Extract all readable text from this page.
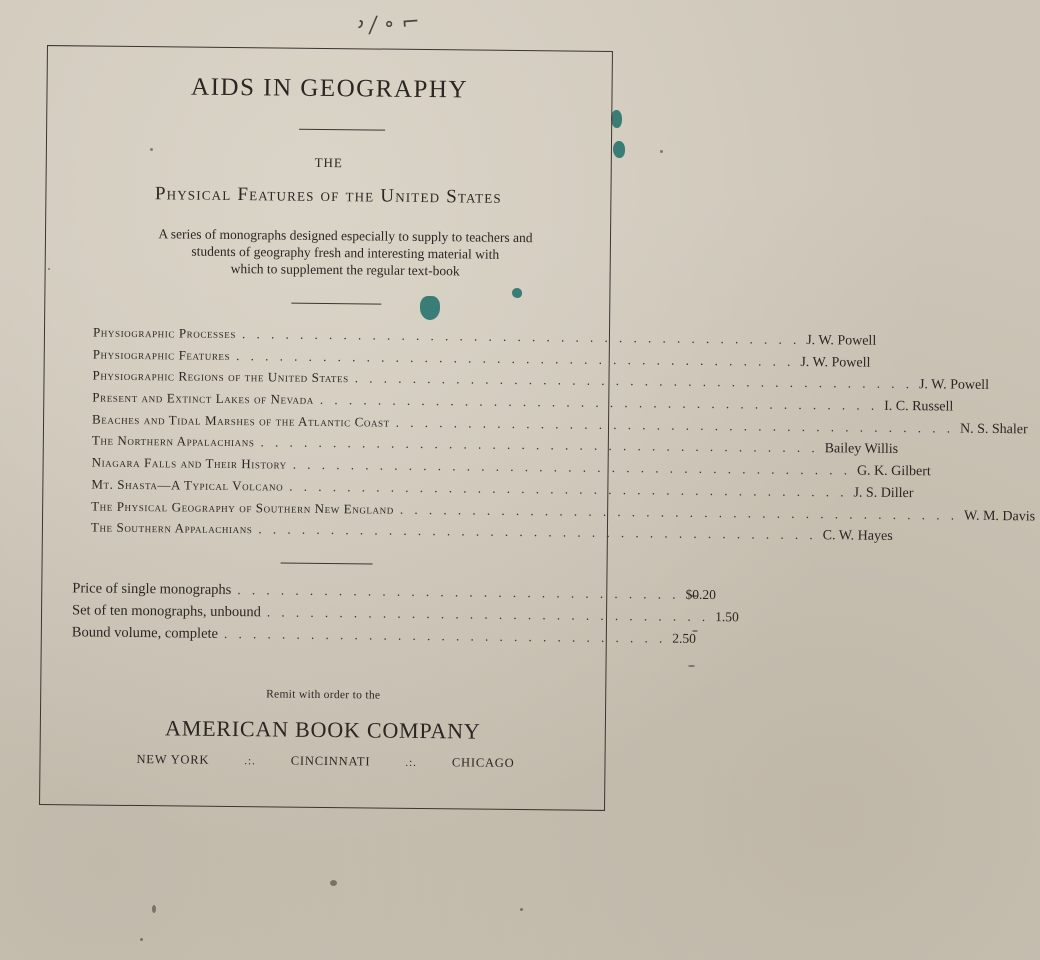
᠈ ∕ ∘ ⌐
AIDS IN GEOGRAPHY
THE
Physical Features of the United States
A series of monographs designed especially to supply to teachers and
students of geography fresh and interesting material with
which to supplement the regular text-book
Physiographic Processes . . . . . . . . . . . . . . . . . . . . . . . . . . . . . . . . . . . . . . . J. W. Powell
Physiographic Features . . . . . . . . . . . . . . . . . . . . . . . . . . . . . . . . . . . . . . . J. W. Powell
Physiographic Regions of the United States . . . . . . . . . . . . . . . . . . . . . . . . . . . . . . . . . . . . . . . J. W. Powell
Present and Extinct Lakes of Nevada . . . . . . . . . . . . . . . . . . . . . . . . . . . . . . . . . . . . . . . I. C. Russell
Beaches and Tidal Marshes of the Atlantic Coast . . . . . . . . . . . . . . . . . . . . . . . . . . . . . . . . . . . . . . . N. S. Shaler
The Northern Appalachians . . . . . . . . . . . . . . . . . . . . . . . . . . . . . . . . . . . . . . . Bailey Willis
Niagara Falls and Their History . . . . . . . . . . . . . . . . . . . . . . . . . . . . . . . . . . . . . . . G. K. Gilbert
Mt. Shasta—A Typical Volcano . . . . . . . . . . . . . . . . . . . . . . . . . . . . . . . . . . . . . . . J. S. Diller
The Physical Geography of Southern New England . . . . . . . . . . . . . . . . . . . . . . . . . . . . . . . . . . . . . . . W. M. Davis
The Southern Appalachians . . . . . . . . . . . . . . . . . . . . . . . . . . . . . . . . . . . . . . . C. W. Hayes
Price of single monographs . . . . . . . . . . . . . . . . . . . . . . . . . . . . . . . $0.20
Set of ten monographs, unbound . . . . . . . . . . . . . . . . . . . . . . . . . . . . . . . 1.50
Bound volume, complete . . . . . . . . . . . . . . . . . . . . . . . . . . . . . . . 2.50
Remit with order to the
AMERICAN BOOK COMPANY
NEW YORK	.:.	CINCINNATI	.:.	CHICAGO
